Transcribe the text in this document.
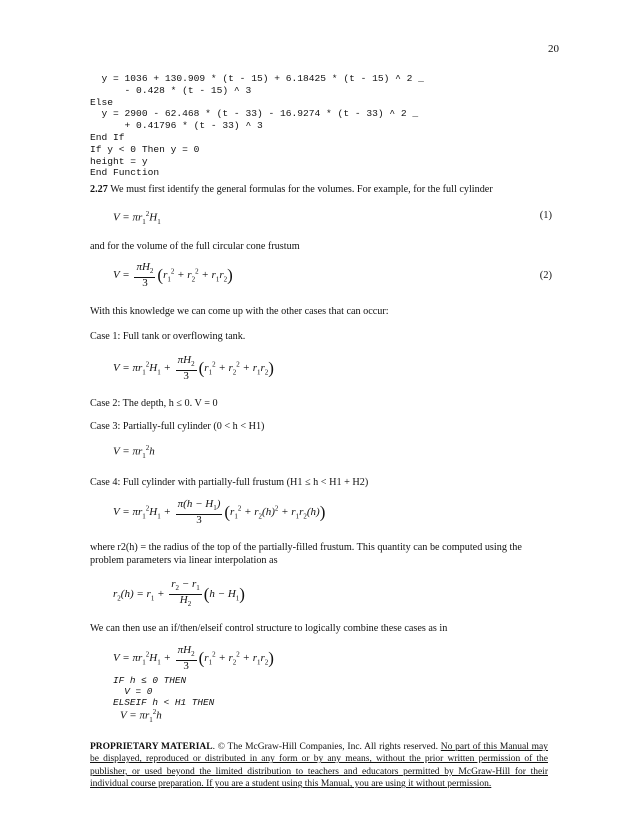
20
y = 1036 + 130.909 * (t - 15) + 6.18425 * (t - 15) ^ 2 _
- 0.428 * (t - 15) ^ 3
Else
y = 2900 - 62.468 * (t - 33) - 16.9274 * (t - 33) ^ 2 _
+ 0.41796 * (t - 33) ^ 3
End If
If y < 0 Then y = 0
height = y
End Function
2.27 We must first identify the general formulas for the volumes. For example, for the full cylinder
$V = \pi r_1^2H_1$
(1)
and for the volume of the full circular cone frustum
$V = \frac{\pi H_2}{3} (r_1^2 + r_2^2 + r_1r_2)$	(2)
With this knowledge we can come up with the other cases that can occur:
Case 1: Full tank or overflowing tank.
$V = \pi r_1^2H_1 + \frac{\pi H_2}{3} (r_1^2 + r_2^2 + r_1r_2)$
Case 2: The depth, h ≤ 0. V = 0
Case 3: Partially-full cylinder (0 < h < H1)
$V = \pi r_1^2h$
Case 4: Full cylinder with partially-full frustum (H1 ≤ h < H1 + H2)
$V = \pi r_1^2H_1 + \frac{\pi(h - H_1)}{3} (r_1^2 + r_2(h)^2 + r_1r_2(h))$
where r2(h) = the radius of the top of the partially-filled frustum. This quantity can be computed using the problem parameters via linear interpolation as
$r_2(h) = r_1 + \frac{r_2 - r_1}{H_2} (h - H_1)$
We can then use an if/then/elseif control structure to logically combine these cases as in
$V = \pi r_1^2H_1 + \frac{\pi H_2}{3} (r_1^2 + r_2^2 + r_1r_2)$
IF h ≤ 0 THEN
V = 0
ELSEIF h < H1 THEN
$V = \pi r_1^2h$
PROPRIETARY MATERIAL. © The McGraw-Hill Companies, Inc. All rights reserved. No part of this Manual may be displayed, reproduced or distributed in any form or by any means, without the prior written permission of the publisher, or used beyond the limited distribution to teachers and educators permitted by McGraw-Hill for their individual course preparation. If you are a student using this Manual, you are using it without permission.
